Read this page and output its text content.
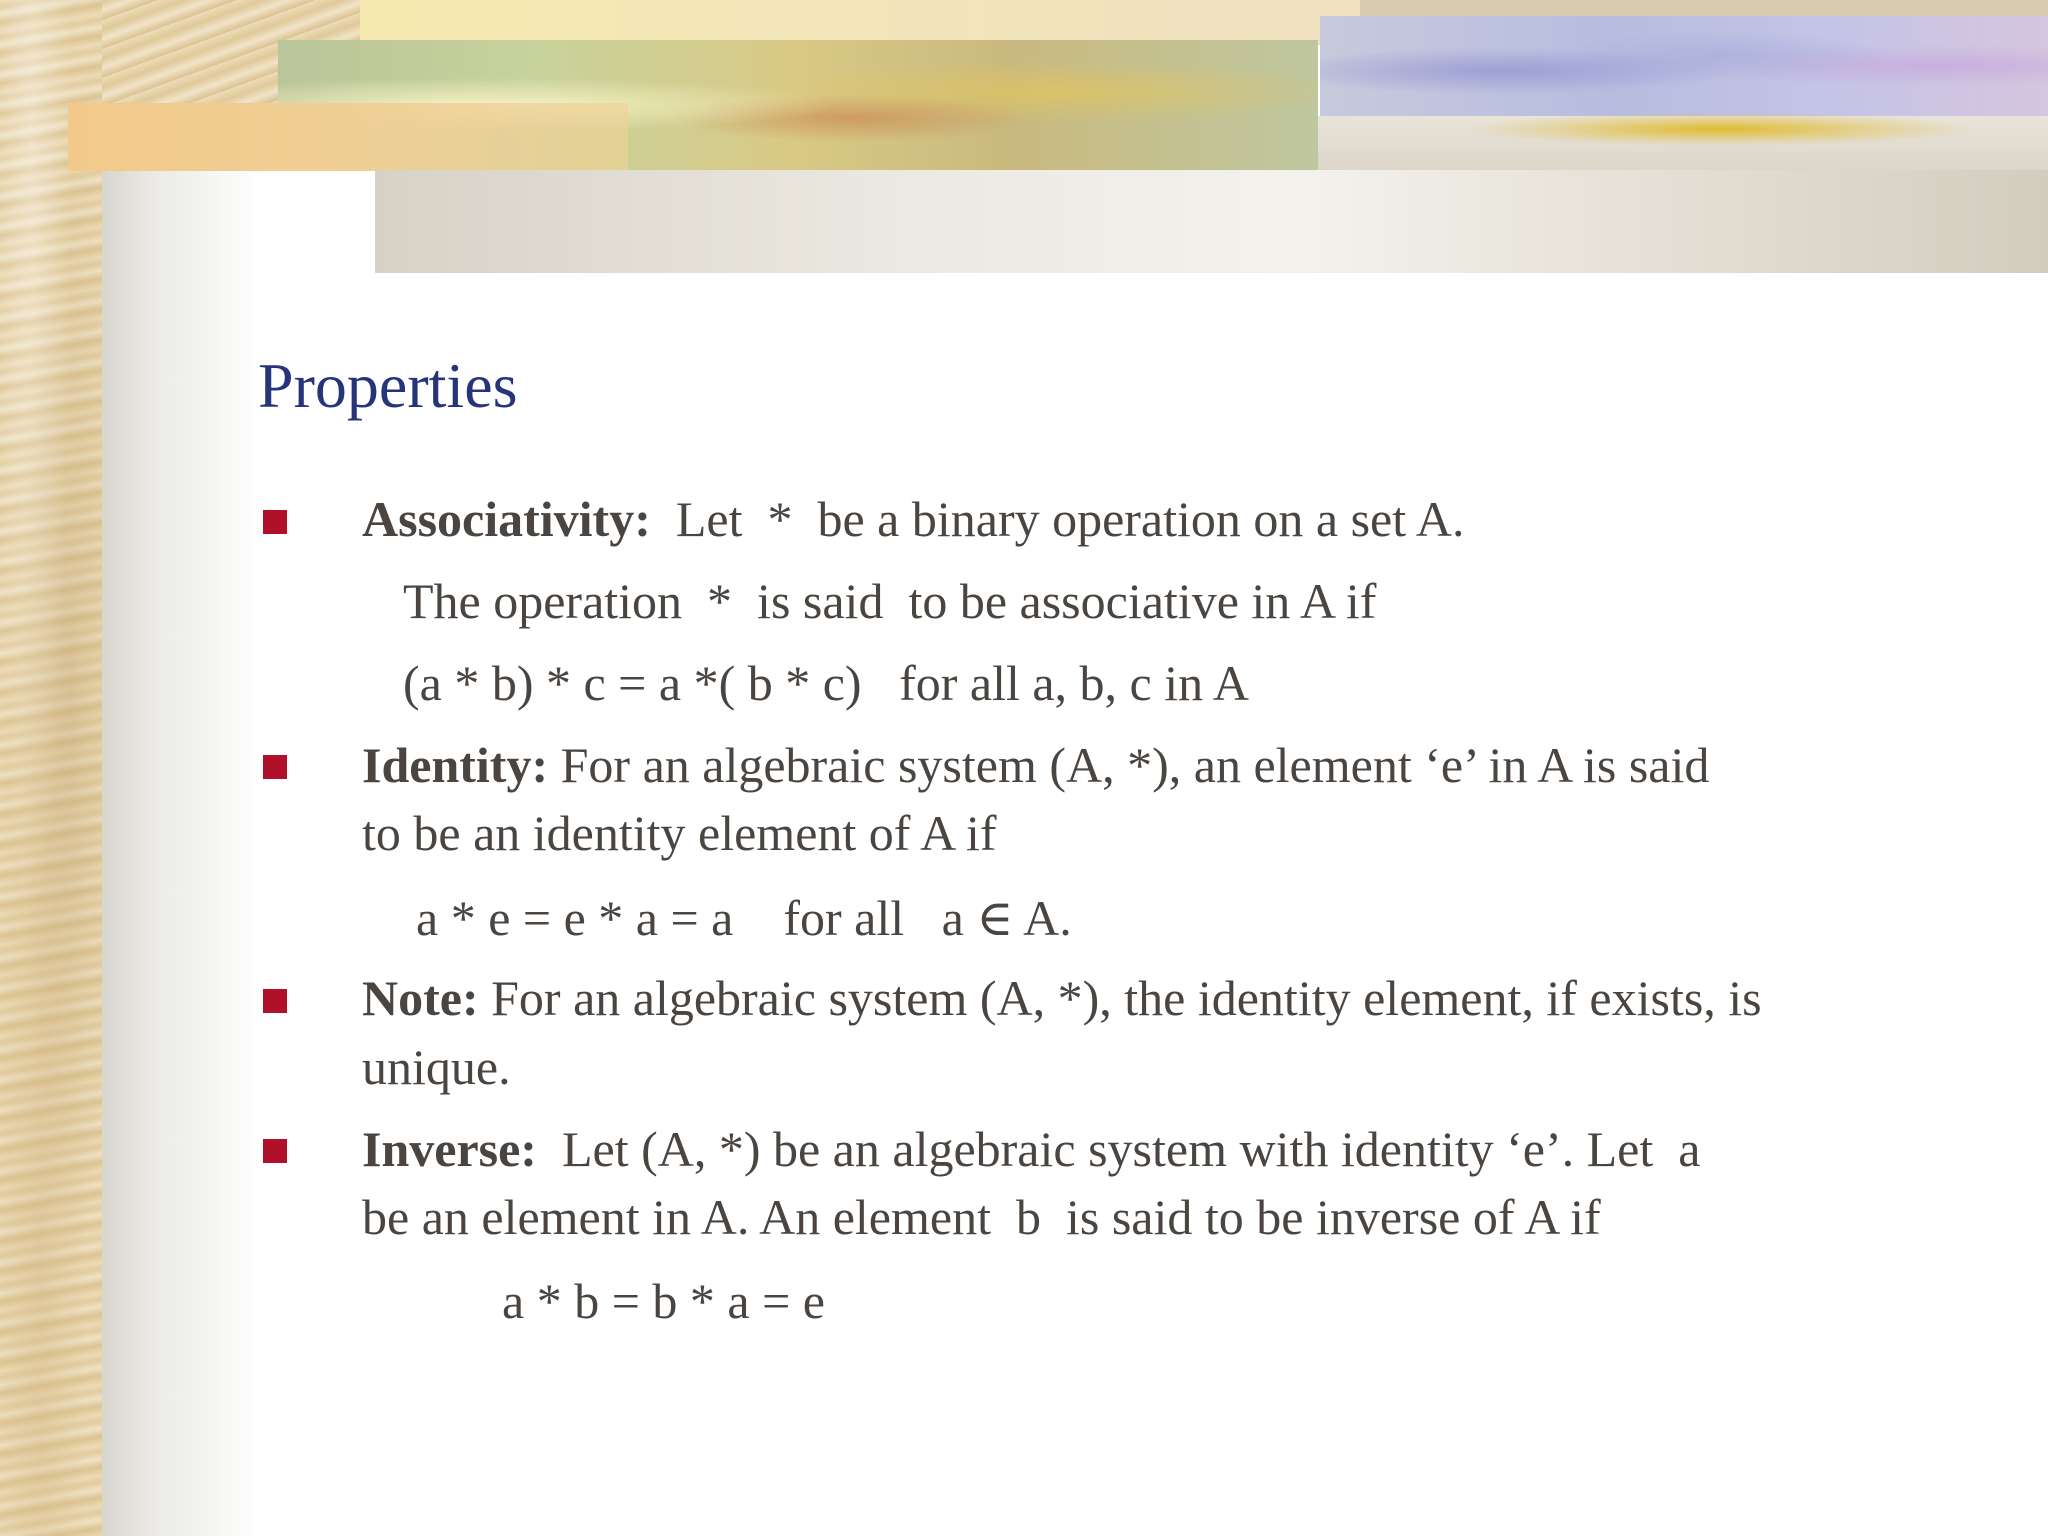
Properties
Associativity:  Let  *  be a binary operation on a set A.
The operation  *  is said  to be associative in A if
(a * b) * c = a *( b * c)   for all a, b, c in A
Identity: For an algebraic system (A, *), an element ‘e’ in A is said
to be an identity element of A if
a * e = e * a = a    for all   a ∈ A.
Note: For an algebraic system (A, *), the identity element, if exists, is
unique.
Inverse:  Let (A, *) be an algebraic system with identity ‘e’. Let  a
be an element in A. An element  b  is said to be inverse of A if
a * b = b * a = e
